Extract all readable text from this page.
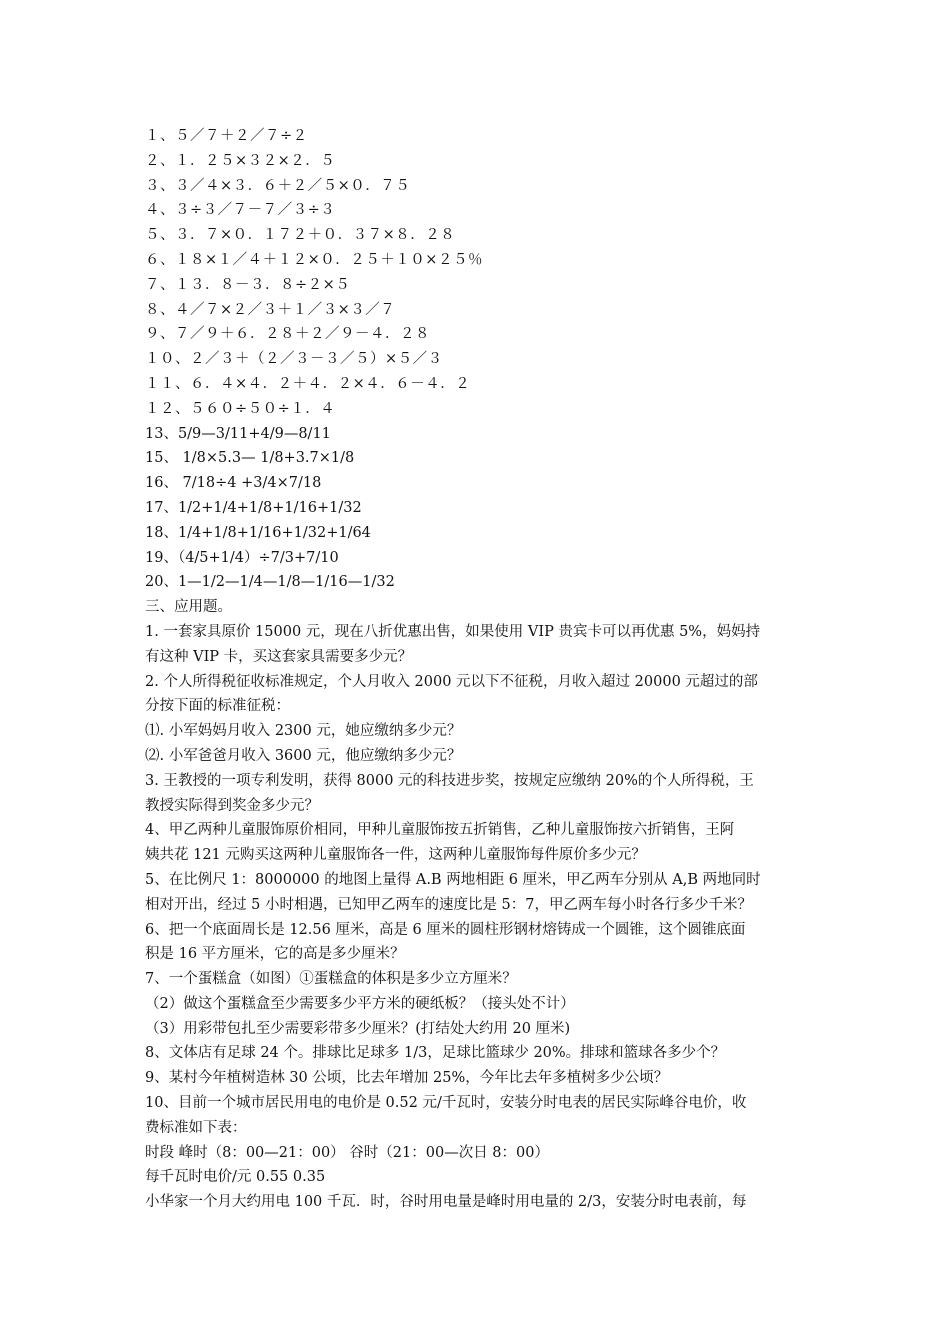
１、５／７＋２／７÷２
２、１．２５×３２×２．５
３、３／４×３．６＋２／５×０．７５
４、３÷３／７－７／３÷３
５、３．７×０．１７２＋０．３７×８．２８
６、１８×１／４＋１２×０．２５＋１０×２５％
７、１３．８－３．８÷２×５
８、４／７×２／３＋１／３×３／７
９、７／９＋６．２８＋２／９－４．２８
１０、２／３＋（２／３－３／５）×５／３
１１、６．４×４．２＋４．２×４．６－４．２
１２、５６０÷５０÷１．４
13、5/9—3/11+4/9—8/11
15、 1/8×5.3— 1/8+3.7×1/8
16、 7/18÷4 +3/4×7/18
17、1/2+1/4+1/8+1/16+1/32
18、1/4+1/8+1/16+1/32+1/64
19、（4/5+1/4）÷7/3+7/10
20、1—1/2—1/4—1/8—1/16—1/32
三、应用题。
1. 一套家具原价 15000 元，现在八折优惠出售，如果使用 VIP 贵宾卡可以再优惠 5%，妈妈持
有这种 VIP 卡，买这套家具需要多少元？
2. 个人所得税征收标准规定，个人月收入 2000 元以下不征税，月收入超过 20000 元超过的部
分按下面的标准征税：
⑴. 小军妈妈月收入 2300 元，她应缴纳多少元？
⑵. 小军爸爸月收入 3600 元，他应缴纳多少元？
3. 王教授的一项专利发明，获得 8000 元的科技进步奖，按规定应缴纳 20%的个人所得税，王
教授实际得到奖金多少元？
4、甲乙两种儿童服饰原价相同，甲种儿童服饰按五折销售，乙种儿童服饰按六折销售，王阿
姨共花 121 元购买这两种儿童服饰各一件，这两种儿童服饰每件原价多少元？
5、在比例尺 1：8000000 的地图上量得 A.B 两地相距 6 厘米，甲乙两车分别从 A,B 两地同时
相对开出，经过 5 小时相遇，已知甲乙两车的速度比是 5：7，甲乙两车每小时各行多少千米？
6、把一个底面周长是 12.56 厘米，高是 6 厘米的圆柱形钢材熔铸成一个圆锥，这个圆锥底面
积是 16 平方厘米，它的高是多少厘米？
7、一个蛋糕盒（如图）①蛋糕盒的体积是多少立方厘米？
（2）做这个蛋糕盒至少需要多少平方米的硬纸板？（接头处不计）
（3）用彩带包扎至少需要彩带多少厘米？(打结处大约用 20 厘米)
8、文体店有足球 24 个。排球比足球多 1/3，足球比篮球少 20%。排球和篮球各多少个？
9、某村今年植树造林 30 公顷，比去年增加 25%，今年比去年多植树多少公顷？
10、目前一个城市居民用电的电价是 0.52 元/千瓦时，安装分时电表的居民实际峰谷电价，收
费标准如下表：
时段 峰时（8：00—21：00） 谷时（21：00—次日 8：00）
每千瓦时电价/元 0.55 0.35
小华家一个月大约用电 100 千瓦．时，谷时用电量是峰时用电量的 2/3，安装分时电表前，每
